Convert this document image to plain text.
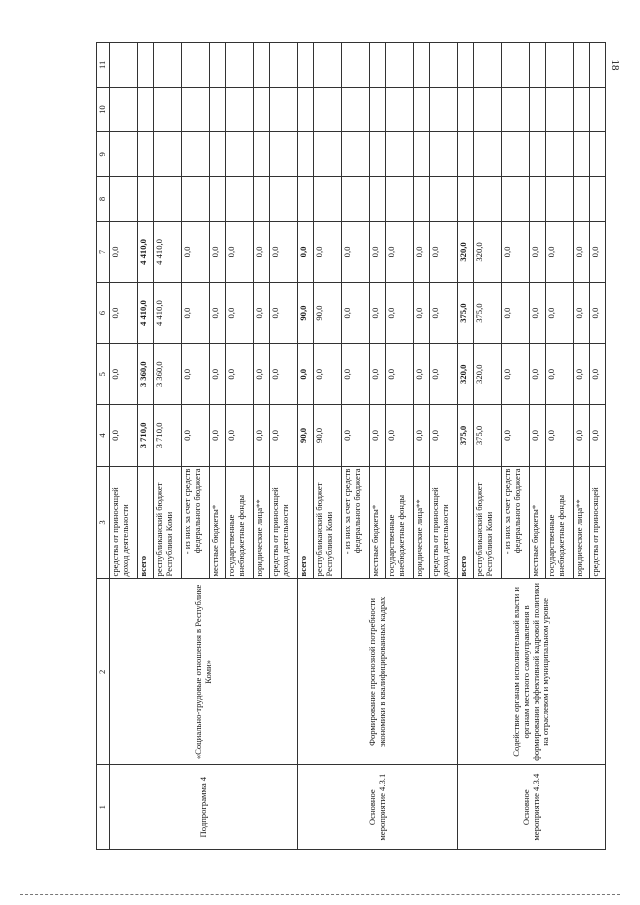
18
1	2	3	4	5	6	7	8	9	10	11
Подпрограмма 4	«Социально-трудовые отношения в Республике Коми»	средства от приносящей доход деятельности	0,0	0,0	0,0	0,0				
		всего	3 710,0	3 360,0	4 410,0	4 410,0				
		республиканский бюджет Республики Коми	3 710,0	3 360,0	4 410,0	4 410,0				
		- из них за счет средств федерального бюджета	0,0	0,0	0,0	0,0				
		местные бюджеты*	0,0	0,0	0,0	0,0				
		государственные внебюджетные фонды	0,0	0,0	0,0	0,0				
		юридические лица**	0,0	0,0	0,0	0,0				
		средства от приносящей доход деятельности	0,0	0,0	0,0	0,0				
Основное мероприятие 4.3.1	Формирование прогнозной потребности экономики в квалифицированных кадрах	всего	90,0	0,0	90,0	0,0				
		республиканский бюджет Республики Коми	90,0	0,0	90,0	0,0				
		- из них за счет средств федерального бюджета	0,0	0,0	0,0	0,0				
		местные бюджеты*	0,0	0,0	0,0	0,0				
		государственные внебюджетные фонды	0,0	0,0	0,0	0,0				
		юридические лица**	0,0	0,0	0,0	0,0				
		средства от приносящей доход деятельности	0,0	0,0	0,0	0,0				
Основное мероприятие 4.3.4	Содействие органам исполнительной власти и органам местного самоуправления в формировании эффективной кадровой политики на отраслевом и муниципальном уровне	всего	375,0	320,0	375,0	320,0				
		республиканский бюджет Республики Коми	375,0	320,0	375,0	320,0				
		- из них за счет средств федерального бюджета	0,0	0,0	0,0	0,0				
		местные бюджеты*	0,0	0,0	0,0	0,0				
		государственные внебюджетные фонды	0,0	0,0	0,0	0,0				
		юридические лица**	0,0	0,0	0,0	0,0				
		средства от приносящей	0,0	0,0	0,0	0,0				
